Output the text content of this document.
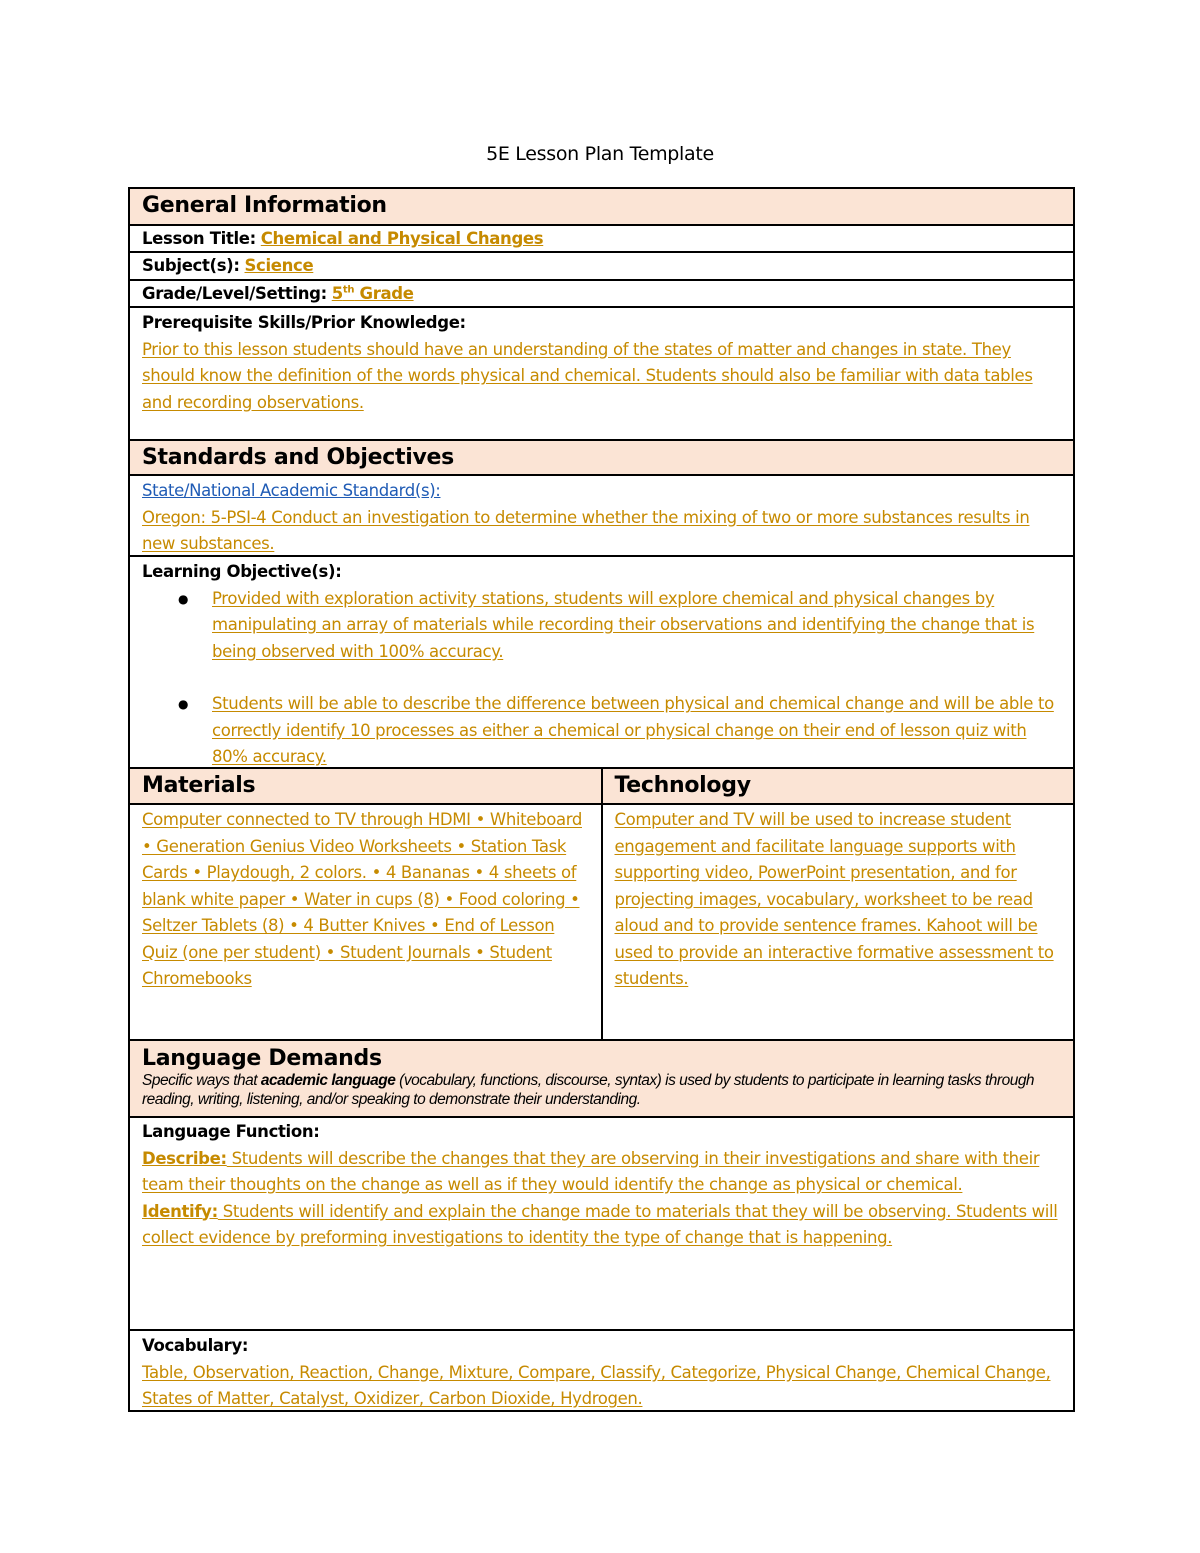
5E Lesson Plan Template
General Information
Lesson Title: Chemical and Physical Changes
Subject(s): Science
Grade/Level/Setting: 5th Grade
Prerequisite Skills/Prior Knowledge:
Prior to this lesson students should have an understanding of the states of matter and changes in state. They should know the definition of the words physical and chemical. Students should also be familiar with data tables and recording observations.
Standards and Objectives
State/National Academic Standard(s):
Oregon: 5-PSI-4 Conduct an investigation to determine whether the mixing of two or more substances results in new substances.
Learning Objective(s):
● Provided with exploration activity stations, students will explore chemical and physical changes by manipulating an array of materials while recording their observations and identifying the change that is being observed with 100% accuracy.
● Students will be able to describe the difference between physical and chemical change and will be able to correctly identify 10 processes as either a chemical or physical change on their end of lesson quiz with 80% accuracy.
Materials	Technology
Computer connected to TV through HDMI • Whiteboard • Generation Genius Video Worksheets • Station Task Cards • Playdough, 2 colors. • 4 Bananas • 4 sheets of blank white paper • Water in cups (8) • Food coloring • Seltzer Tablets (8) • 4 Butter Knives • End of Lesson Quiz (one per student) • Student Journals • Student Chromebooks
Computer and TV will be used to increase student engagement and facilitate language supports with supporting video, PowerPoint presentation, and for projecting images, vocabulary, worksheet to be read aloud and to provide sentence frames. Kahoot will be used to provide an interactive formative assessment to students.
Language Demands
Specific ways that academic language (vocabulary, functions, discourse, syntax) is used by students to participate in learning tasks through reading, writing, listening, and/or speaking to demonstrate their understanding.
Language Function:
Describe: Students will describe the changes that they are observing in their investigations and share with their team their thoughts on the change as well as if they would identify the change as physical or chemical.
Identify: Students will identify and explain the change made to materials that they will be observing. Students will collect evidence by preforming investigations to identity the type of change that is happening.
Vocabulary:
Table, Observation, Reaction, Change, Mixture, Compare, Classify, Categorize, Physical Change, Chemical Change, States of Matter, Catalyst, Oxidizer, Carbon Dioxide, Hydrogen.
